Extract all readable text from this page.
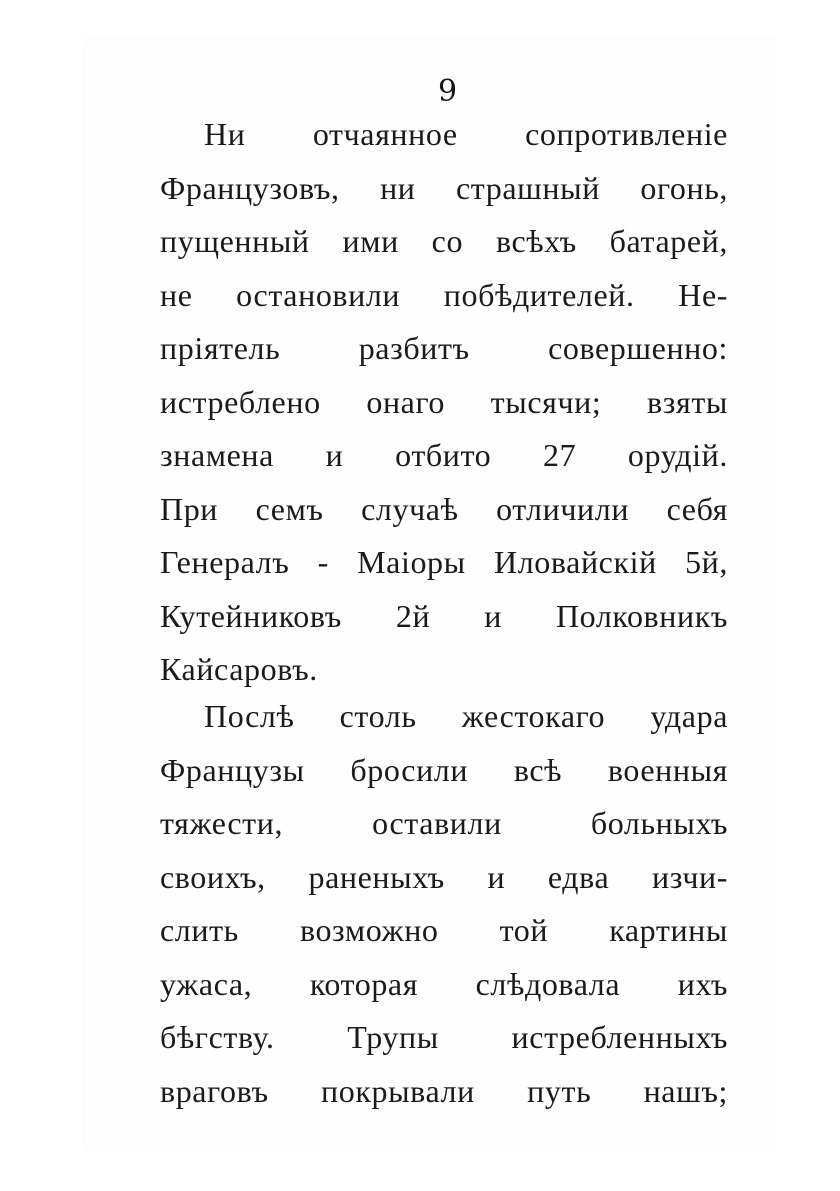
9
Ни отчаянное сопротивленіе
Французовъ, ни страшный огонь,
пущенный ими со всѣхъ батарей,
не остановили побѣдителей. Не-
пріятель разбитъ совершенно:
истреблено онаго тысячи; взяты
знамена и отбито 27 орудій.
При семъ случаѣ отличили себя
Генералъ - Маіоры Иловайскій 5й,
Кутейниковъ 2й и Полковникъ
Кайсаровъ.
Послѣ столь жестокаго удара
Французы бросили всѣ военныя
тяжести, оставили больныхъ
своихъ, раненыхъ и едва изчи-
слить возможно той картины
ужаса, которая слѣдовала ихъ
бѣгству. Трупы истребленныхъ
враговъ покрывали путь нашъ;
